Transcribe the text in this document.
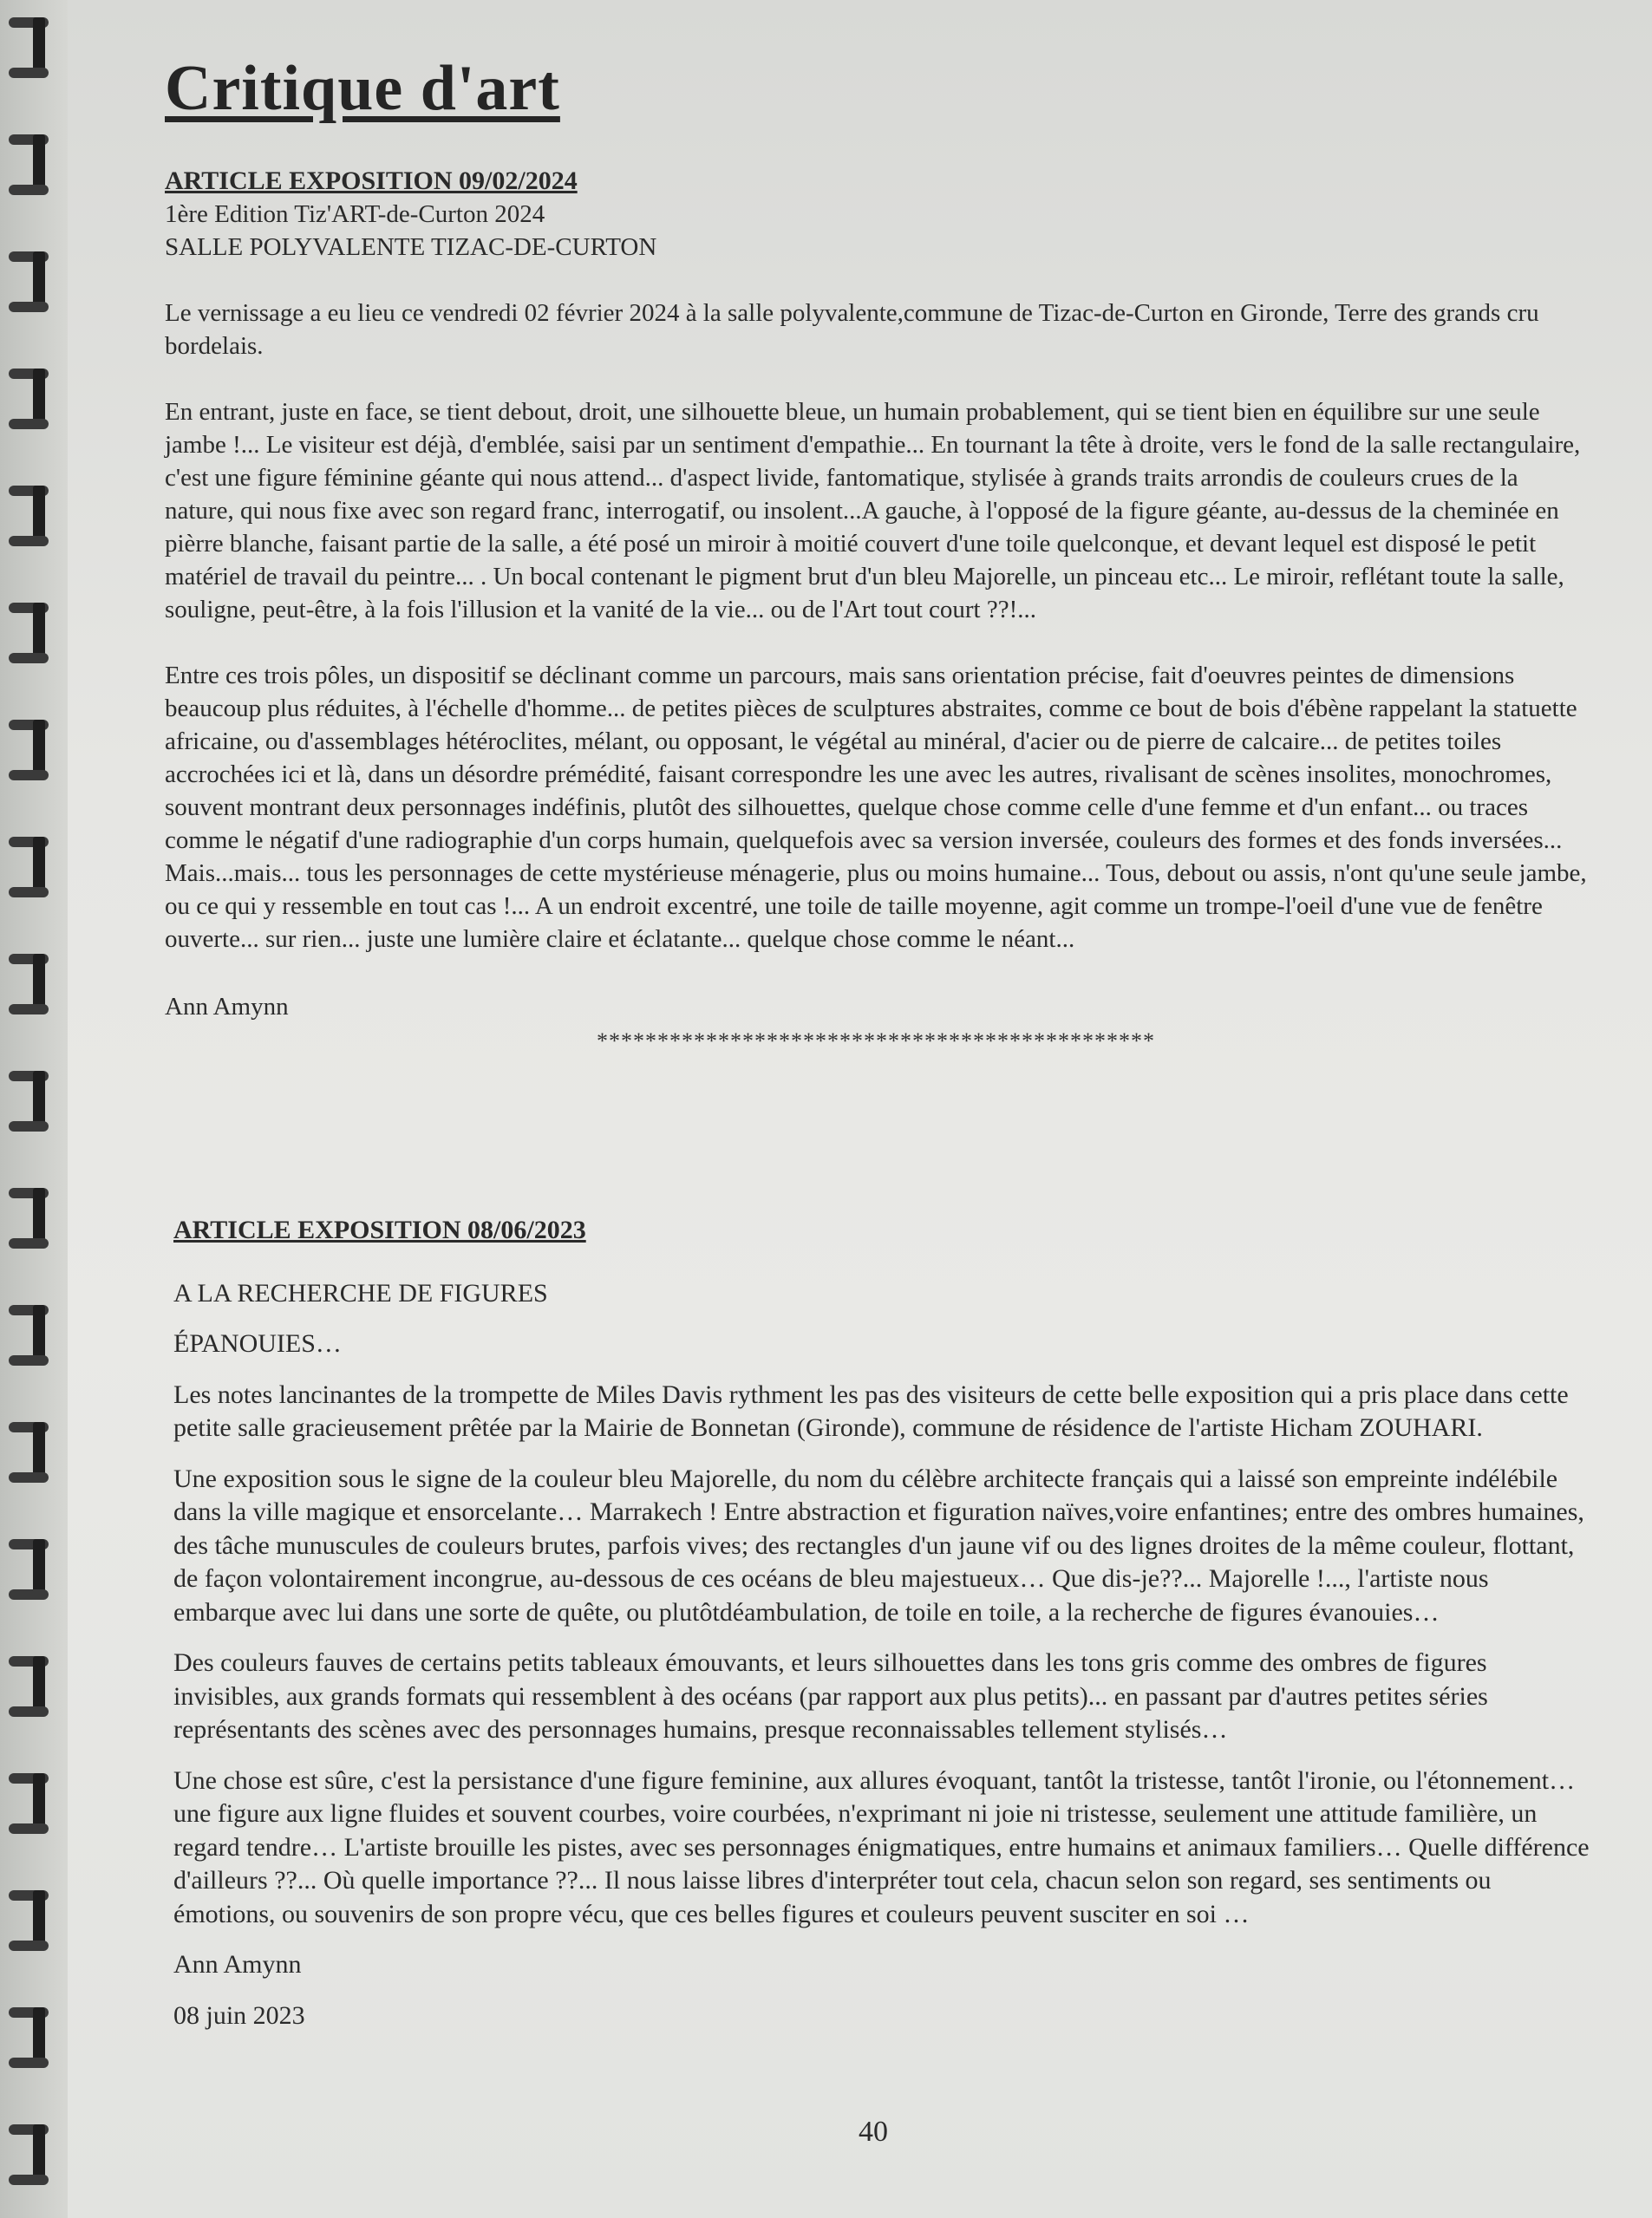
Critique d'art

ARTICLE EXPOSITION 09/02/2024

1ère Edition Tiz'ART-de-Curton 2024

SALLE POLYVALENTE TIZAC-DE-CURTON

Le vernissage a eu lieu ce vendredi 02 février 2024 à la salle polyvalente,commune de Tizac-de-Curton en Gironde, Terre des grands cru bordelais.

En entrant, juste en face, se tient debout, droit, une silhouette bleue, un humain probablement, qui se tient bien en équilibre sur une seule jambe !... Le visiteur est déjà, d'emblée, saisi par un sentiment d'empathie... En tournant la tête à droite, vers le fond de la salle rectangulaire, c'est une figure féminine géante qui nous attend... d'aspect livide, fantomatique, stylisée à grands traits arrondis de couleurs crues de la nature, qui nous fixe avec son regard franc, interrogatif, ou insolent...A gauche, à l'opposé de la figure géante, au-dessus de la cheminée en pièrre blanche, faisant partie de la salle, a été posé un miroir à moitié couvert d'une toile quelconque, et devant lequel est disposé le petit matériel de travail du peintre... . Un bocal contenant le pigment brut d'un bleu Majorelle, un pinceau etc... Le miroir, reflétant toute la salle, souligne, peut-être, à la fois l'illusion et la vanité de la vie... ou de l'Art tout court ??!...

Entre ces trois pôles, un dispositif se déclinant comme un parcours, mais sans orientation précise, fait d'oeuvres peintes de dimensions beaucoup plus réduites, à l'échelle d'homme... de petites pièces de sculptures abstraites, comme ce bout de bois d'ébène rappelant la statuette africaine, ou d'assemblages hétéroclites, mélant, ou opposant, le végétal au minéral, d'acier ou de pierre de calcaire... de petites toiles accrochées ici et là, dans un désordre prémédité, faisant correspondre les une avec les autres, rivalisant de scènes insolites, monochromes, souvent montrant deux personnages indéfinis, plutôt des silhouettes, quelque chose comme celle d'une femme et d'un enfant... ou traces comme le négatif d'une radiographie d'un corps humain, quelquefois avec sa version inversée, couleurs des formes et des fonds inversées... Mais...mais... tous les personnages de cette mystérieuse ménagerie, plus ou moins humaine... Tous, debout ou assis, n'ont qu'une seule jambe, ou ce qui y ressemble en tout cas !... A un endroit excentré, une toile de taille moyenne, agit comme un trompe-l'oeil d'une vue de fenêtre ouverte... sur rien... juste une lumière claire et éclatante... quelque chose comme le néant...

Ann Amynn

**********************************************

ARTICLE EXPOSITION 08/06/2023

A LA RECHERCHE DE FIGURES

ÉPANOUIES…

Les notes lancinantes de la trompette de Miles Davis rythment les pas des visiteurs de cette belle exposition qui a pris place dans cette petite salle gracieusement prêtée par la Mairie de Bonnetan (Gironde), commune de résidence de l'artiste Hicham ZOUHARI.

Une exposition sous le signe de la couleur bleu Majorelle, du nom du célèbre architecte français qui a laissé son empreinte indélébile dans la ville magique et ensorcelante… Marrakech ! Entre abstraction et figuration naïves,voire enfantines; entre des ombres humaines, des tâche munuscules de couleurs brutes, parfois vives; des rectangles d'un jaune vif ou des lignes droites de la même couleur, flottant, de façon volontairement incongrue, au-dessous de ces océans de bleu majestueux… Que dis-je??... Majorelle !..., l'artiste nous embarque avec lui dans une sorte de quête, ou plutôtdéambulation, de toile en toile, a la recherche de figures évanouies…

Des couleurs fauves de certains petits tableaux émouvants, et leurs silhouettes dans les tons gris comme des ombres de figures invisibles, aux grands formats qui ressemblent à des océans (par rapport aux plus petits)... en passant par d'autres petites séries représentants des scènes avec des personnages humains, presque reconnaissables tellement stylisés…

Une chose est sûre, c'est la persistance d'une figure feminine, aux allures évoquant, tantôt la tristesse, tantôt l'ironie, ou l'étonnement… une figure aux ligne fluides et souvent courbes, voire courbées, n'exprimant ni joie ni tristesse, seulement une attitude familière, un regard tendre… L'artiste brouille les pistes, avec ses personnages énigmatiques, entre humains et animaux familiers… Quelle différence d'ailleurs ??... Où quelle importance ??... Il nous laisse libres d'interpréter tout cela, chacun selon son regard, ses sentiments ou émotions, ou souvenirs de son propre vécu, que ces belles figures et couleurs peuvent susciter en soi …

Ann Amynn

08 juin 2023

40
